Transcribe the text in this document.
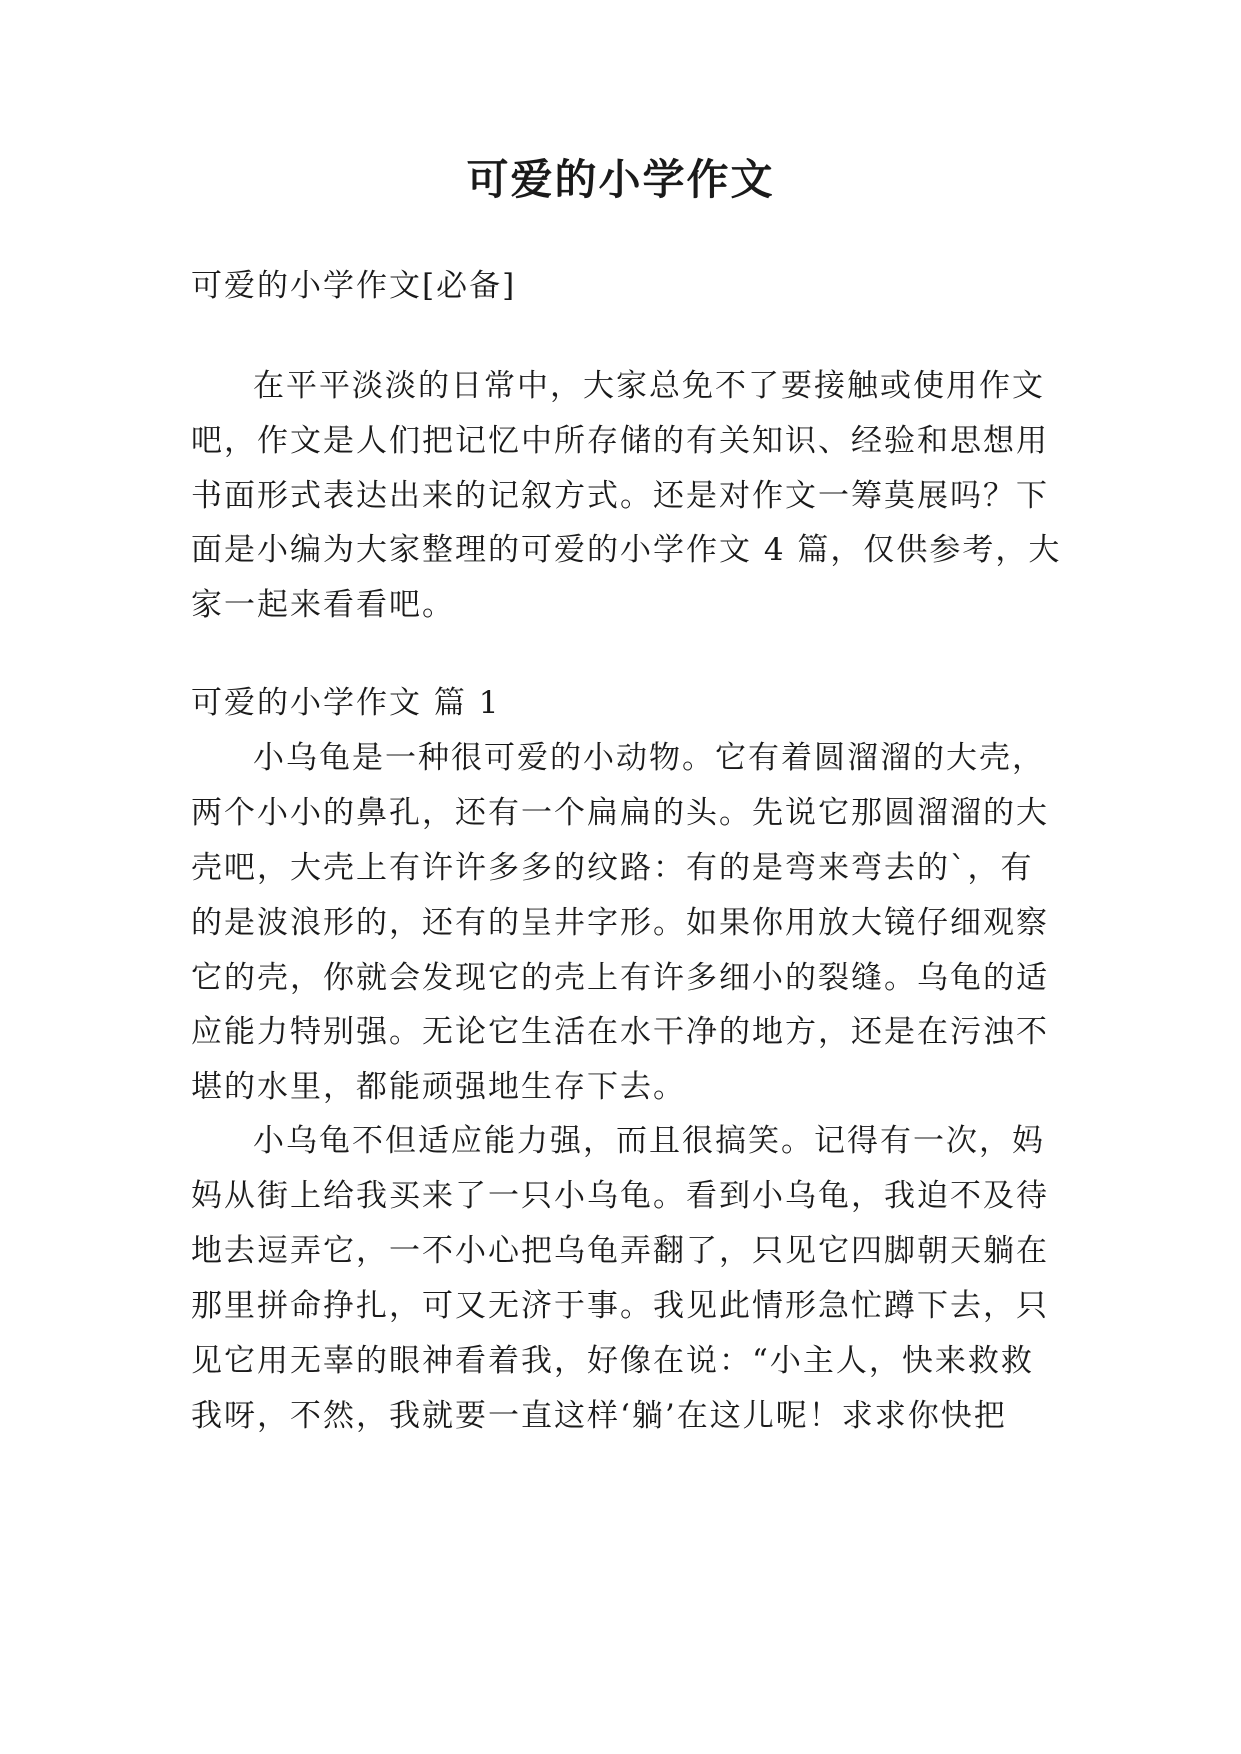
可爱的小学作文
可爱的小学作文[必备]
在平平淡淡的日常中，大家总免不了要接触或使用作文
吧，作文是人们把记忆中所存储的有关知识、经验和思想用
书面形式表达出来的记叙方式。还是对作文一筹莫展吗？下
面是小编为大家整理的可爱的小学作文 4 篇，仅供参考，大
家一起来看看吧。
可爱的小学作文 篇 1
小乌龟是一种很可爱的小动物。它有着圆溜溜的大壳，
两个小小的鼻孔，还有一个扁扁的头。先说它那圆溜溜的大
壳吧，大壳上有许许多多的纹路：有的是弯来弯去的`，有
的是波浪形的，还有的呈井字形。如果你用放大镜仔细观察
它的壳，你就会发现它的壳上有许多细小的裂缝。乌龟的适
应能力特别强。无论它生活在水干净的地方，还是在污浊不
堪的水里，都能顽强地生存下去。
小乌龟不但适应能力强，而且很搞笑。记得有一次，妈
妈从街上给我买来了一只小乌龟。看到小乌龟，我迫不及待
地去逗弄它，一不小心把乌龟弄翻了，只见它四脚朝天躺在
那里拼命挣扎，可又无济于事。我见此情形急忙蹲下去，只
见它用无辜的眼神看着我，好像在说：“小主人，快来救救
我呀，不然，我就要一直这样‘躺’在这儿呢！求求你快把
